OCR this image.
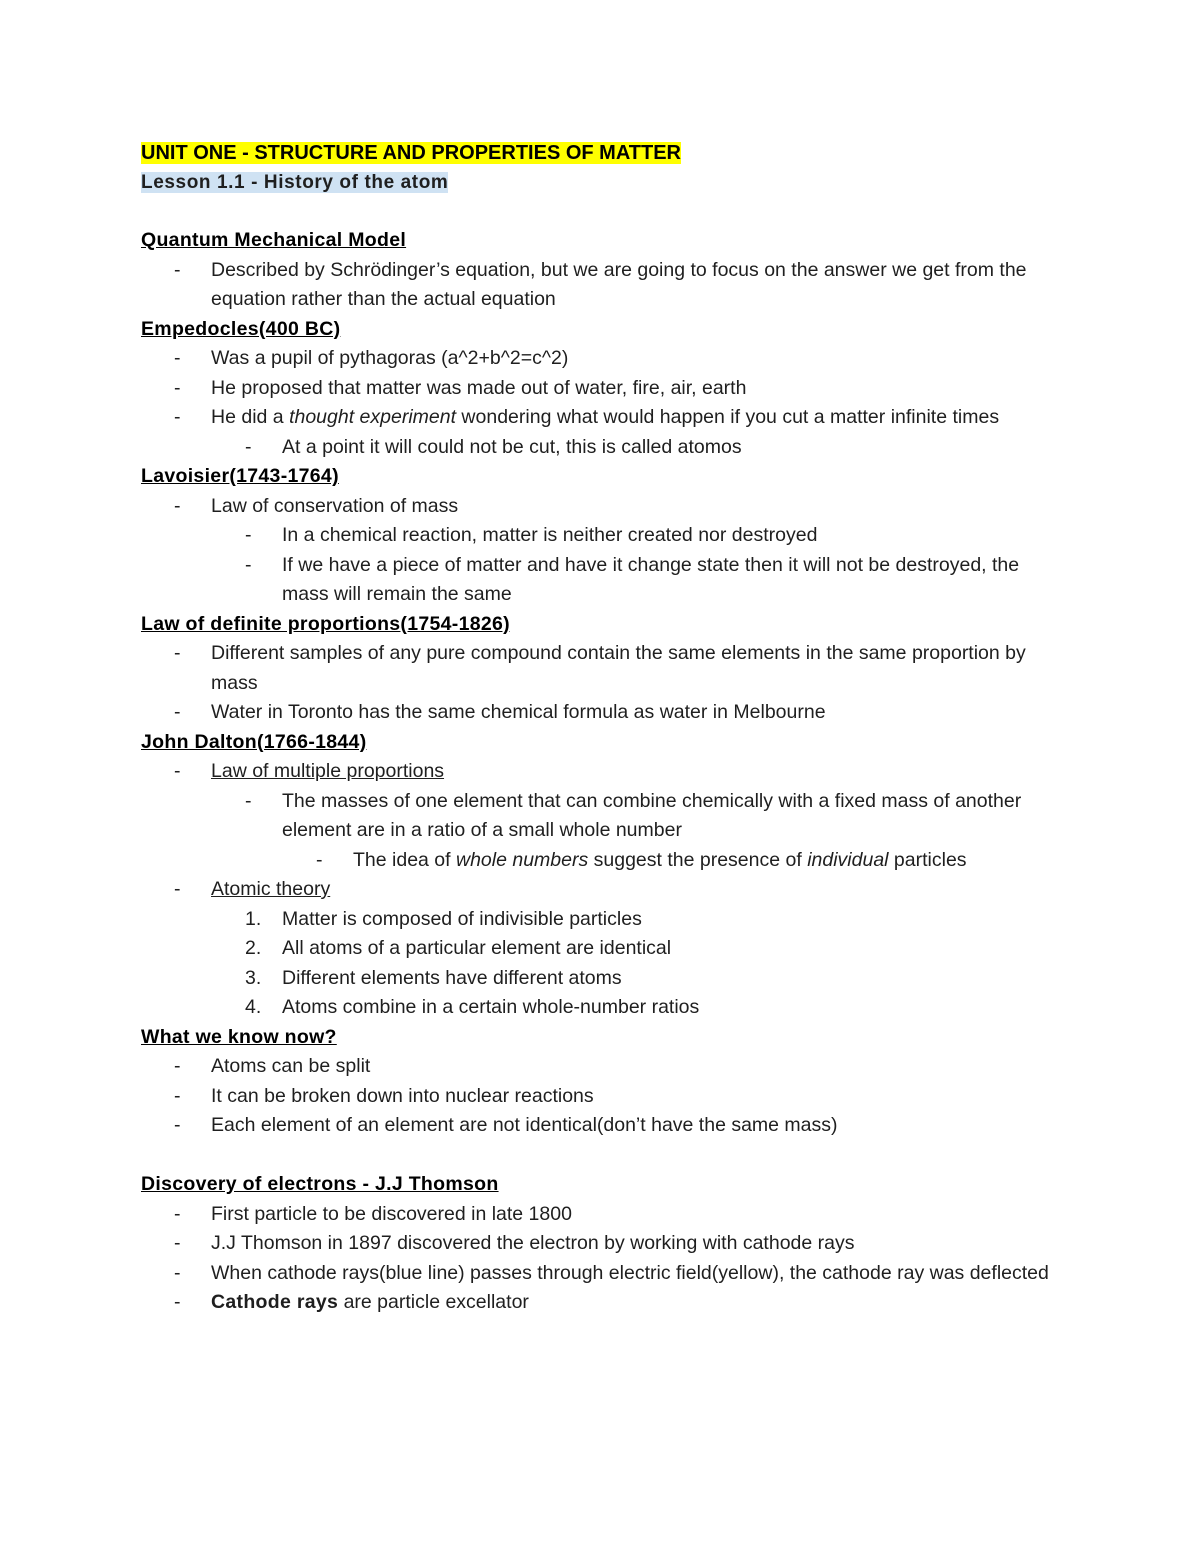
UNIT ONE - STRUCTURE AND PROPERTIES OF MATTER
Lesson 1.1 - History of the atom
Quantum Mechanical Model
- Described by Schrödinger’s equation, but we are going to focus on the answer we get from the equation rather than the actual equation
Empedocles(400 BC)
- Was a pupil of pythagoras (a^2+b^2=c^2)
- He proposed that matter was made out of water, fire, air, earth
- He did a thought experiment wondering what would happen if you cut a matter infinite times
- At a point it will could not be cut, this is called atomos
Lavoisier(1743-1764)
- Law of conservation of mass
- In a chemical reaction, matter is neither created nor destroyed
- If we have a piece of matter and have it change state then it will not be destroyed, the mass will remain the same
Law of definite proportions(1754-1826)
- Different samples of any pure compound contain the same elements in the same proportion by mass
- Water in Toronto has the same chemical formula as water in Melbourne
John Dalton(1766-1844)
- Law of multiple proportions
- The masses of one element that can combine chemically with a fixed mass of another element are in a ratio of a small whole number
- The idea of whole numbers suggest the presence of individual particles
- Atomic theory
1. Matter is composed of indivisible particles
2. All atoms of a particular element are identical
3. Different elements have different atoms
4. Atoms combine in a certain whole-number ratios
What we know now?
- Atoms can be split
- It can be broken down into nuclear reactions
- Each element of an element are not identical(don’t have the same mass)
Discovery of electrons - J.J Thomson
- First particle to be discovered in late 1800
- J.J Thomson in 1897 discovered the electron by working with cathode rays
- When cathode rays(blue line) passes through electric field(yellow), the cathode ray was deflected
- Cathode rays are particle excellator
